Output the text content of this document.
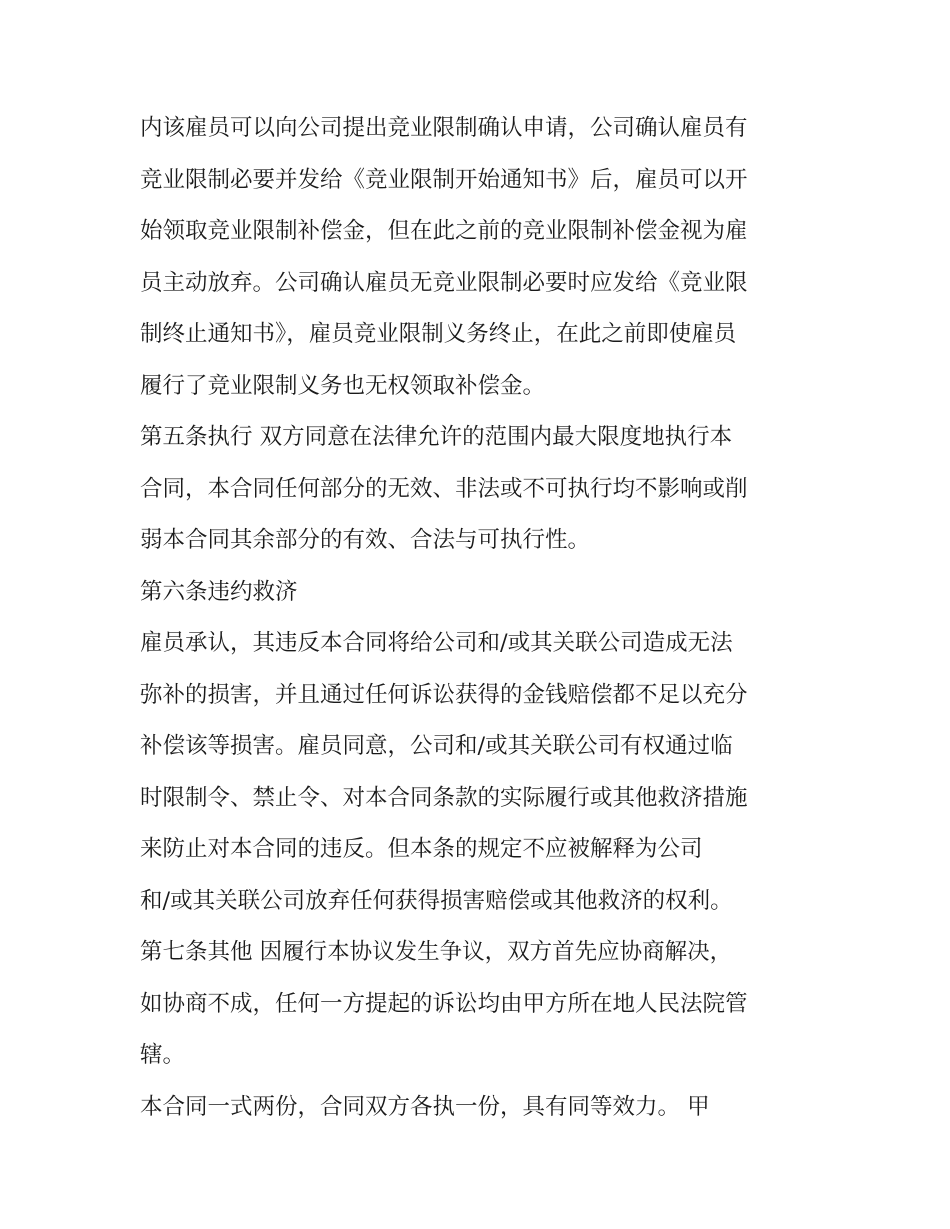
内该雇员可以向公司提出竞业限制确认申请，公司确认雇员有
竞业限制必要并发给《竞业限制开始通知书》后，雇员可以开
始领取竞业限制补偿金，但在此之前的竞业限制补偿金视为雇
员主动放弃。公司确认雇员无竞业限制必要时应发给《竞业限
制终止通知书》，雇员竞业限制义务终止，在此之前即使雇员
履行了竞业限制义务也无权领取补偿金。
第五条执行 双方同意在法律允许的范围内最大限度地执行本
合同，本合同任何部分的无效、非法或不可执行均不影响或削
弱本合同其余部分的有效、合法与可执行性。
第六条违约救济
雇员承认，其违反本合同将给公司和/或其关联公司造成无法
弥补的损害，并且通过任何诉讼获得的金钱赔偿都不足以充分
补偿该等损害。雇员同意，公司和/或其关联公司有权通过临
时限制令、禁止令、对本合同条款的实际履行或其他救济措施
来防止对本合同的违反。但本条的规定不应被解释为公司
和/或其关联公司放弃任何获得损害赔偿或其他救济的权利。
第七条其他 因履行本协议发生争议，双方首先应协商解决，
如协商不成，任何一方提起的诉讼均由甲方所在地人民法院管
辖。
本合同一式两份，合同双方各执一份，具有同等效力。 甲
